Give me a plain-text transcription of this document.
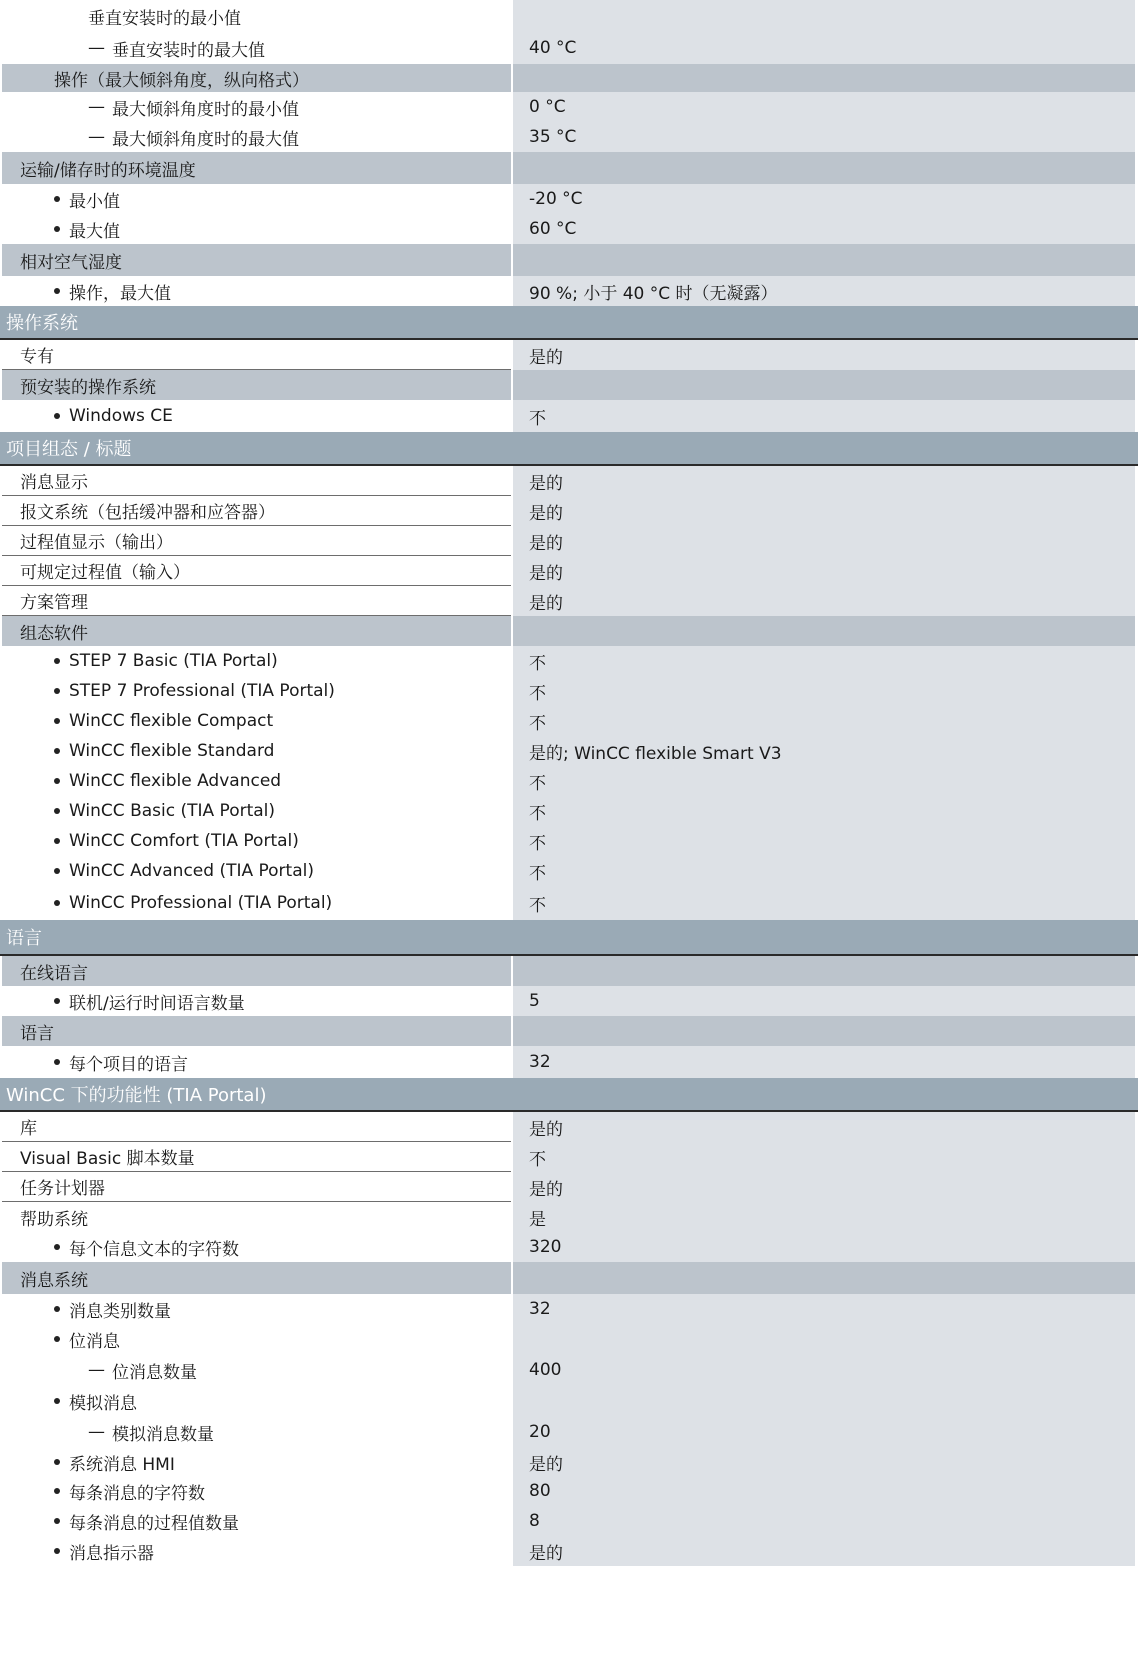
垂直安装时的最小值
— 垂直安装时的最大值	40 °C
操作（最大倾斜角度，纵向格式）
— 最大倾斜角度时的最小值	0 °C
— 最大倾斜角度时的最大值	35 °C
运输/储存时的环境温度
最小值	-20 °C
最大值	60 °C
相对空气湿度
操作，最大值	90 %; 小于 40 °C 时（无凝露）
操作系统
专有	是的
预安装的操作系统
Windows CE	不
项目组态 / 标题
消息显示	是的
报文系统（包括缓冲器和应答器）	是的
过程值显示（输出）	是的
可规定过程值（输入）	是的
方案管理	是的
组态软件
STEP 7 Basic (TIA Portal)	不
STEP 7 Professional (TIA Portal)	不
WinCC flexible Compact	不
WinCC flexible Standard	是的; WinCC flexible Smart V3
WinCC flexible Advanced	不
WinCC Basic (TIA Portal)	不
WinCC Comfort (TIA Portal)	不
WinCC Advanced (TIA Portal)	不
WinCC Professional (TIA Portal)	不
语言
在线语言
联机/运行时间语言数量	5
语言
每个项目的语言	32
WinCC 下的功能性 (TIA Portal)
库	是的
Visual Basic 脚本数量	不
任务计划器	是的
帮助系统	是
每个信息文本的字符数	320
消息系统
消息类别数量	32
位消息
— 位消息数量	400
模拟消息
— 模拟消息数量	20
系统消息 HMI	是的
每条消息的字符数	80
每条消息的过程值数量	8
消息指示器	是的
